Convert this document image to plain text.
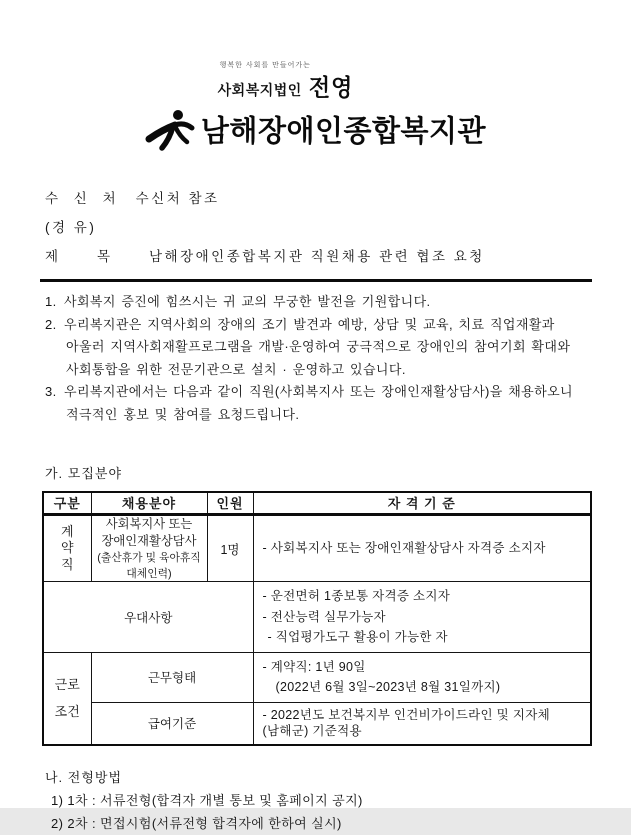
행복한 사회를 만들어가는
사회복지법인 전영
남해장애인종합복지관
수 신 처 수신처 참조
(경 유)
제	목	남해장애인종합복지관 직원채용 관련 협조 요청
1. 사회복지 증진에 힘쓰시는 귀 교의 무궁한 발전을 기원합니다.
2. 우리복지관은 지역사회의 장애의 조기 발견과 예방, 상담 및 교육, 치료 직업재활과
아울러 지역사회재활프로그램을 개발·운영하여 궁극적으로 장애인의 참여기회 확대와
사회통합을 위한 전문기관으로 설치 · 운영하고 있습니다.
3. 우리복지관에서는 다음과 같이 직원(사회복지사 또는 장애인재활상담사)을 채용하오니
적극적인 홍보 및 참여를 요청드립니다.
가. 모집분야
구분	채용분야	인원	자 격 기 준
계약직	사회복지사 또는
장애인재활상담사
(출산휴가 및 육아휴직
대체인력)	1명	- 사회복지사 또는 장애인재활상담사 자격증 소지자

우대사항			- 운전면허 1종보통 자격증 소지자
- 전산능력 실무가능자
- 직업평가도구 활용이 가능한 자

근로조건	근무형태		- 계약직: 1년 90일
(2022년 6월 3일~2023년 8월 31일까지)

	급여기준		- 2022년도 보건복지부 인건비가이드라인 및 지자체
(남해군) 기준적용
나. 전형방법
1) 1차 : 서류전형(합격자 개별 통보 및 홈페이지 공지)
2) 2차 : 면접시험(서류전형 합격자에 한하여 실시)
